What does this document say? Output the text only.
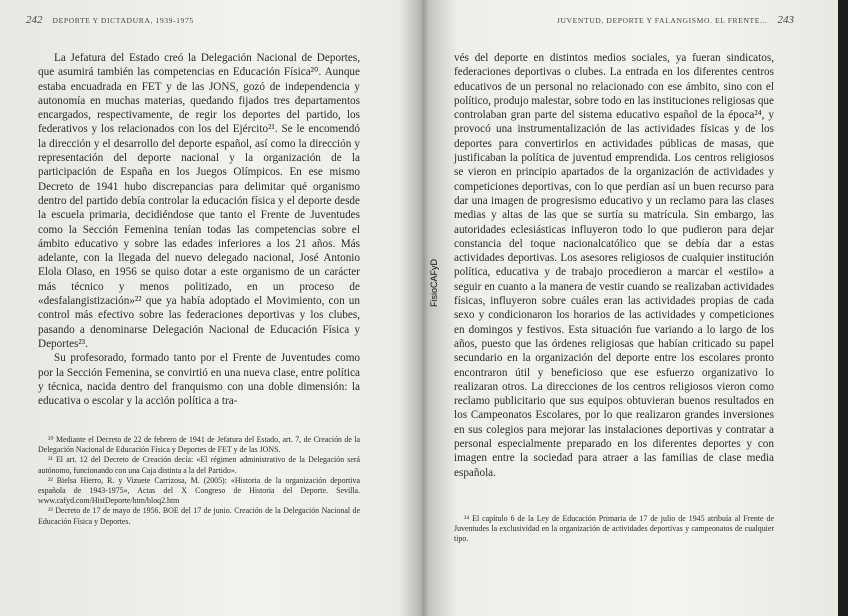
242 DEPORTE Y DICTADURA, 1939-1975

La Jefatura del Estado creó la Delegación Nacional de Deportes, que asumirá también las competencias en Educación Física²⁰. Aunque estaba encuadrada en FET y de las JONS, gozó de independencia y autonomía en muchas materias, quedando fijados tres departamentos encargados, respectivamente, de regir los deportes del partido, los federativos y los relacionados con los del Ejército²¹. Se le encomendó la dirección y el desarrollo del deporte español, así como la dirección y representación del deporte nacional y la organización de la participación de España en los Juegos Olímpicos. En ese mismo Decreto de 1941 hubo discrepancias para delimitar qué organismo dentro del partido debía controlar la educación física y el deporte desde la escuela primaria, decidiéndose que tanto el Frente de Juventudes como la Sección Femenina tenían todas las competencias sobre el ámbito educativo y sobre las edades inferiores a los 21 años. Más adelante, con la llegada del nuevo delegado nacional, José Antonio Elola Olaso, en 1956 se quiso dotar a este organismo de un carácter más técnico y menos politizado, en un proceso de «desfalangistización»²² que ya había adoptado el Movimiento, con un control más efectivo sobre las federaciones deportivas y los clubes, pasando a denominarse Delegación Nacional de Educación Física y Deportes²³.

Su profesorado, formado tanto por el Frente de Juventudes como por la Sección Femenina, se convirtió en una nueva clase, entre política y técnica, nacida dentro del franquismo con una doble dimensión: la educativa o escolar y la acción política a tra-

²⁰ Mediante el Decreto de 22 de febrero de 1941 de Jefatura del Estado, art. 7, de Creación de la Delegación Nacional de Educación Física y Deportes de FET y de las JONS.

²¹ El art. 12 del Decreto de Creación decía: «El régimen administrativo de la Delegación será autónomo, funcionando con una Caja distinta a la del Partido».

²² Bielsa Hierro, R. y Vizuete Carrizosa, M. (2005): «Historia de la organización deportiva española de 1943-1975», Actas del X Congreso de Historia del Deporte. Sevilla. www.cafyd.com/HistDeporte/htm/bloq2.htm

²³ Decreto de 17 de mayo de 1956. BOE del 17 de junio. Creación de la Delegación Nacional de Educación Física y Deportes.

JUVENTUD, DEPORTE Y FALANGISMO. EL FRENTE... 243

vés del deporte en distintos medios sociales, ya fueran sindicatos, federaciones deportivas o clubes. La entrada en los diferentes centros educativos de un personal no relacionado con ese ámbito, sino con el político, produjo malestar, sobre todo en las instituciones religiosas que controlaban gran parte del sistema educativo español de la época²⁴, y provocó una instrumentalización de las actividades físicas y de los deportes para convertirlos en actividades públicas de masas, que justificaban la política de juventud emprendida. Los centros religiosos se vieron en principio apartados de la organización de actividades y competiciones deportivas, con lo que perdían así un buen recurso para dar una imagen de progresismo educativo y un reclamo para las clases medias y altas de las que se surtía su matrícula. Sin embargo, las autoridades eclesiásticas influyeron todo lo que pudieron para dejar constancia del toque nacionalcatólico que se debía dar a estas actividades deportivas. Los asesores religiosos de cualquier institución política, educativa y de trabajo procedieron a marcar el «estilo» a seguir en cuanto a la manera de vestir cuando se realizaban actividades físicas, influyeron sobre cuáles eran las actividades propias de cada sexo y condicionaron los horarios de las actividades y competiciones en domingos y festivos. Esta situación fue variando a lo largo de los años, puesto que las órdenes religiosas que habían criticado su papel secundario en la organización del deporte entre los escolares pronto encontraron útil y beneficioso que ese esfuerzo organizativo lo realizaran otros. La direcciones de los centros religiosos vieron como reclamo publicitario que sus equipos obtuvieran buenos resultados en los Campeonatos Escolares, por lo que realizaron grandes inversiones en sus colegios para mejorar las instalaciones deportivas y contratar a personal especialmente preparado en los diferentes deportes y con imagen entre la sociedad para atraer a las familias de clase media española.

²⁴ El capítulo 6 de la Ley de Educación Primaria de 17 de julio de 1945 atribuía al Frente de Juventudes la exclusividad en la organización de actividades deportivas y campeonatos de cualquier tipo.

FisioCAFyD
